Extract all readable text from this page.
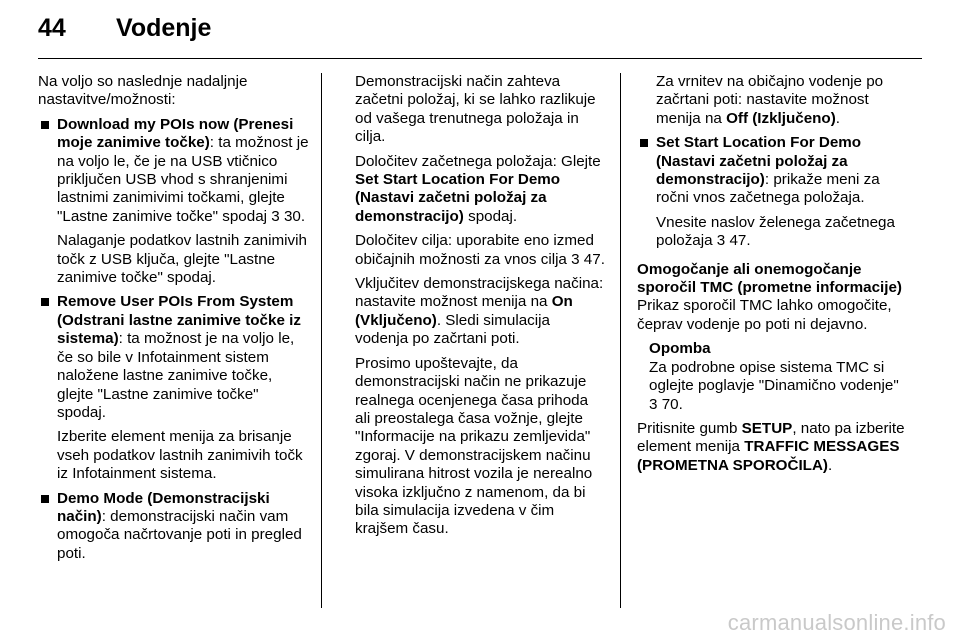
44	Vodenje

Na voljo so naslednje nadaljnje nastavitve/možnosti:

Download my POIs now (Prenesi moje zanimive točke): ta možnost je na voljo le, če je na USB vtičnico priključen USB vhod s shranjenimi lastnimi zanimivimi točkami, glejte "Lastne zanimive točke" spodaj 3 30.

Nalaganje podatkov lastnih zanimivih točk z USB ključa, glejte "Lastne zanimive točke" spodaj.

Remove User POIs From System (Odstrani lastne zanimive točke iz sistema): ta možnost je na voljo le, če so bile v Infotainment sistem naložene lastne zanimive točke, glejte "Lastne zanimive točke" spodaj.

Izberite element menija za brisanje vseh podatkov lastnih zanimivih točk iz Infotainment sistema.

Demo Mode (Demonstracijski način): demonstracijski način vam omogoča načrtovanje poti in pregled poti.

Demonstracijski način zahteva začetni položaj, ki se lahko razlikuje od vašega trenutnega položaja in cilja.

Določitev začetnega položaja: Glejte Set Start Location For Demo (Nastavi začetni položaj za demonstracijo) spodaj.

Določitev cilja: uporabite eno izmed običajnih možnosti za vnos cilja 3 47.

Vključitev demonstracijskega načina: nastavite možnost menija na On (Vključeno). Sledi simulacija vodenja po začrtani poti.

Prosimo upoštevajte, da demonstracijski način ne prikazuje realnega ocenjenega časa prihoda ali preostalega časa vožnje, glejte "Informacije na prikazu zemljevida" zgoraj. V demonstracijskem načinu simulirana hitrost vozila je nerealno visoka izključno z namenom, da bi bila simulacija izvedena v čim krajšem času.

Za vrnitev na običajno vodenje po začrtani poti: nastavite možnost menija na Off (Izključeno).

Set Start Location For Demo (Nastavi začetni položaj za demonstracijo): prikaže meni za ročni vnos začetnega položaja.

Vnesite naslov želenega začetnega položaja 3 47.

Omogočanje ali onemogočanje sporočil TMC (prometne informacije)

Prikaz sporočil TMC lahko omogočite, čeprav vodenje po poti ni dejavno.

Opomba
Za podrobne opise sistema TMC si oglejte poglavje "Dinamično vodenje" 3 70.

Pritisnite gumb SETUP, nato pa izberite element menija TRAFFIC MESSAGES (PROMETNA SPOROČILA).

carmanualsonline.info
